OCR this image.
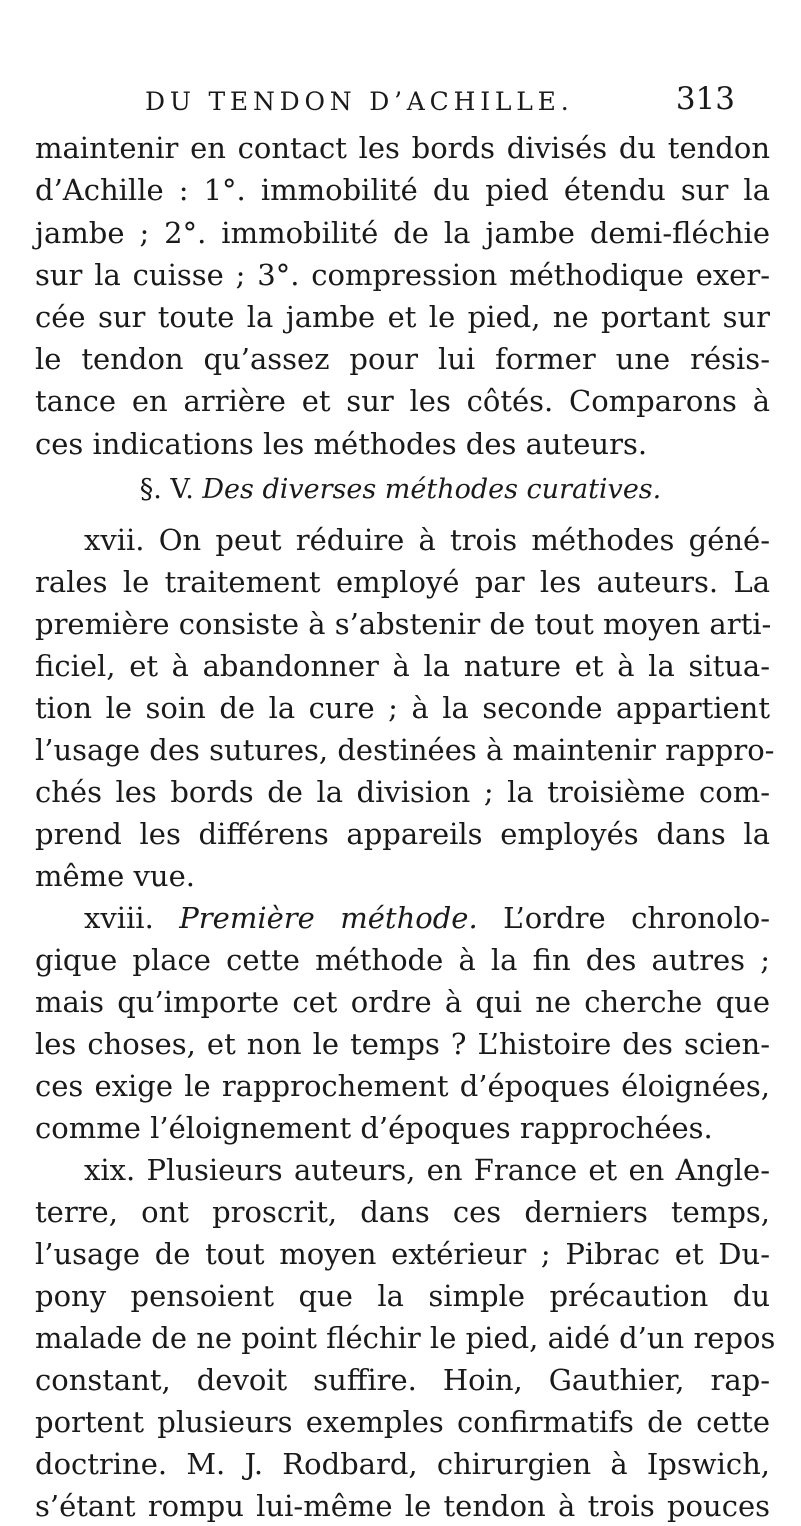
DU TENDON D’ACHILLE.	313
maintenir en contact les bords divisés du tendon
d’Achille : 1°. immobilité du pied étendu sur la
jambe ; 2°. immobilité de la jambe demi-fléchie
sur la cuisse ; 3°. compression méthodique exer-
cée sur toute la jambe et le pied, ne portant sur
le tendon qu’assez pour lui former une résis-
tance en arrière et sur les côtés. Comparons à
ces indications les méthodes des auteurs.
§. V. Des diverses méthodes curatives.
xvii. On peut réduire à trois méthodes géné-
rales le traitement employé par les auteurs. La
première consiste à s’abstenir de tout moyen arti-
ficiel, et à abandonner à la nature et à la situa-
tion le soin de la cure ; à la seconde appartient
l’usage des sutures, destinées à maintenir rappro-
chés les bords de la division ; la troisième com-
prend les différens appareils employés dans la
même vue.
xviii. Première méthode. L’ordre chronolo-
gique place cette méthode à la fin des autres ;
mais qu’importe cet ordre à qui ne cherche que
les choses, et non le temps ? L’histoire des scien-
ces exige le rapprochement d’époques éloignées,
comme l’éloignement d’époques rapprochées.
xix. Plusieurs auteurs, en France et en Angle-
terre, ont proscrit, dans ces derniers temps,
l’usage de tout moyen extérieur ; Pibrac et Du-
pony pensoient que la simple précaution du
malade de ne point fléchir le pied, aidé d’un repos
constant, devoit suffire. Hoin, Gauthier, rap-
portent plusieurs exemples confirmatifs de cette
doctrine. M. J. Rodbard, chirurgien à Ipswich,
s’étant rompu lui-même le tendon à trois pouces
